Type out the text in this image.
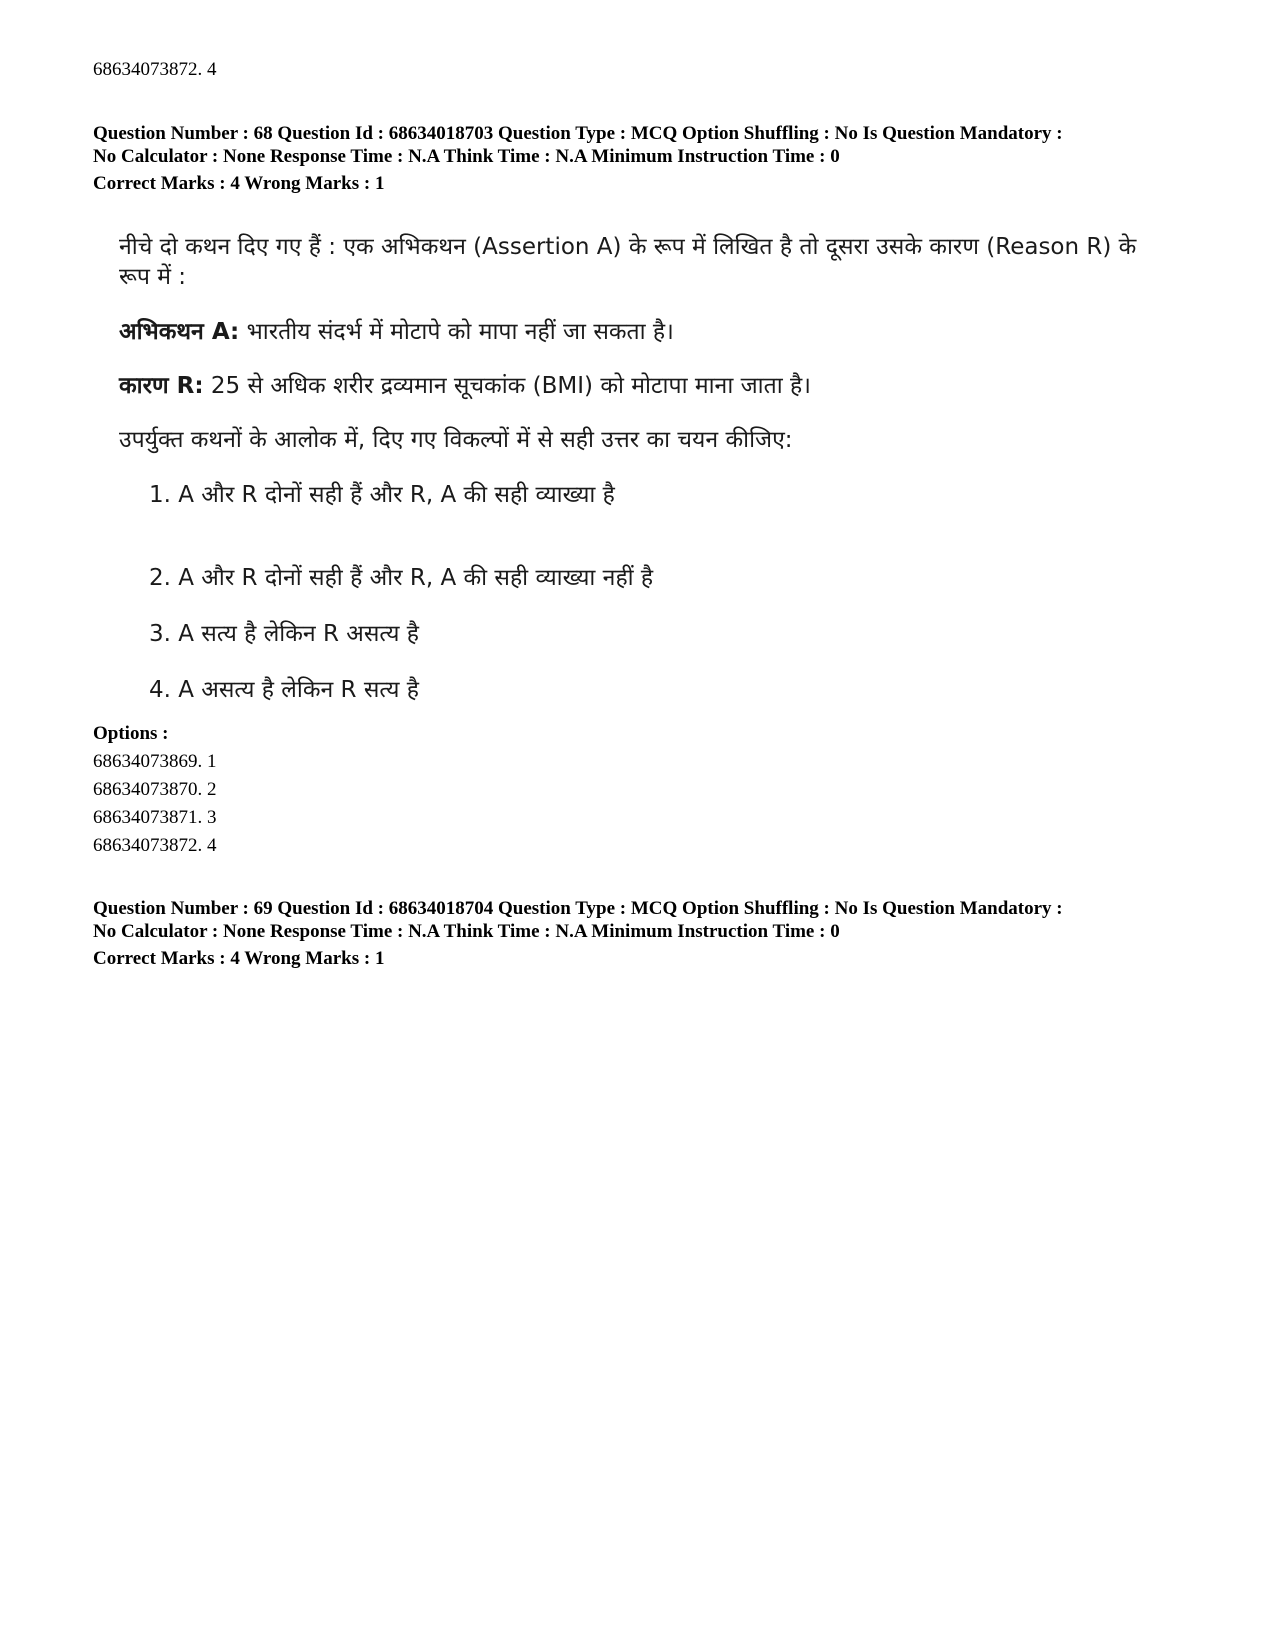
68634073872. 4
Question Number : 68 Question Id : 68634018703 Question Type : MCQ Option Shuffling : No Is Question Mandatory :
No Calculator : None Response Time : N.A Think Time : N.A Minimum Instruction Time : 0
Correct Marks : 4 Wrong Marks : 1
नीचे दो कथन दिए गए हैं : एक अभिकथन (Assertion A) के रूप में लिखित है तो दूसरा उसके कारण (Reason R) के
रूप में :
अभिकथन A: भारतीय संदर्भ में मोटापे को मापा नहीं जा सकता है।
कारण R: 25 से अधिक शरीर द्रव्यमान सूचकांक (BMI) को मोटापा माना जाता है।
उपर्युक्त कथनों के आलोक में, दिए गए विकल्पों में से सही उत्तर का चयन कीजिए:
1. A और R दोनों सही हैं और R, A की सही व्याख्या है
2. A और R दोनों सही हैं और R, A की सही व्याख्या नहीं है
3. A सत्य है लेकिन R असत्य है
4. A असत्य है लेकिन R सत्य है
Options :
68634073869. 1
68634073870. 2
68634073871. 3
68634073872. 4
Question Number : 69 Question Id : 68634018704 Question Type : MCQ Option Shuffling : No Is Question Mandatory :
No Calculator : None Response Time : N.A Think Time : N.A Minimum Instruction Time : 0
Correct Marks : 4 Wrong Marks : 1
